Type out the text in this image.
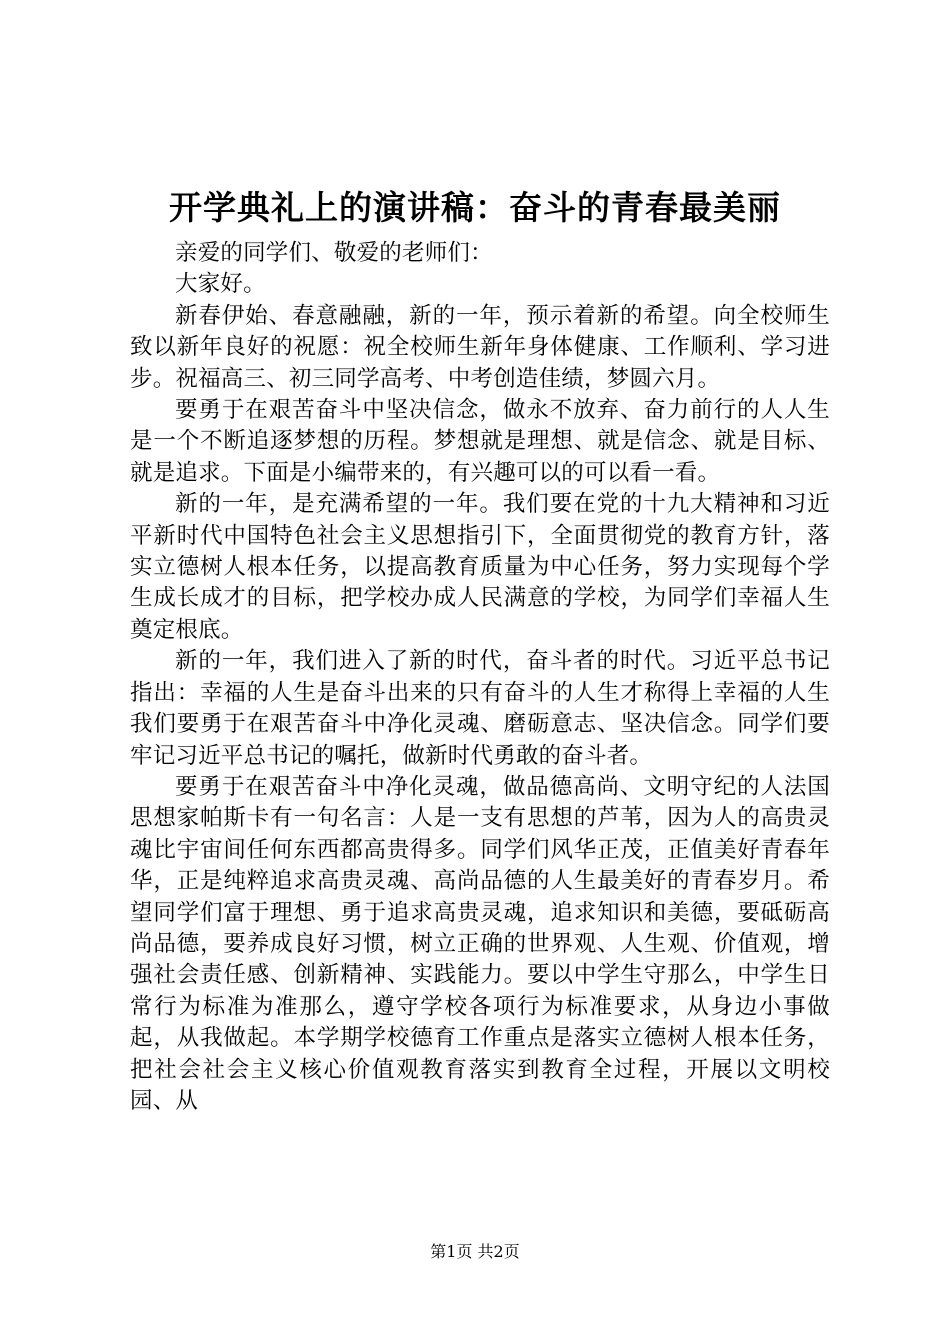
开学典礼上的演讲稿：奋斗的青春最美丽

亲爱的同学们、敬爱的老师们：

大家好。

新春伊始、春意融融，新的一年，预示着新的希望。向全校师生致以新年良好的祝愿：祝全校师生新年身体健康、工作顺利、学习进步。祝福高三、初三同学高考、中考创造佳绩，梦圆六月。

要勇于在艰苦奋斗中坚决信念，做永不放弃、奋力前行的人人生是一个不断追逐梦想的历程。梦想就是理想、就是信念、就是目标、就是追求。下面是小编带来的，有兴趣可以的可以看一看。

新的一年，是充满希望的一年。我们要在党的十九大精神和习近平新时代中国特色社会主义思想指引下，全面贯彻党的教育方针，落实立德树人根本任务，以提高教育质量为中心任务，努力实现每个学生成长成才的目标，把学校办成人民满意的学校，为同学们幸福人生奠定根底。

新的一年，我们进入了新的时代，奋斗者的时代。习近平总书记指出：幸福的人生是奋斗出来的只有奋斗的人生才称得上幸福的人生我们要勇于在艰苦奋斗中净化灵魂、磨砺意志、坚决信念。同学们要牢记习近平总书记的嘱托，做新时代勇敢的奋斗者。

要勇于在艰苦奋斗中净化灵魂，做品德高尚、文明守纪的人法国思想家帕斯卡有一句名言：人是一支有思想的芦苇，因为人的高贵灵魂比宇宙间任何东西都高贵得多。同学们风华正茂，正值美好青春年华，正是纯粹追求高贵灵魂、高尚品德的人生最美好的青春岁月。希望同学们富于理想、勇于追求高贵灵魂，追求知识和美德，要砥砺高尚品德，要养成良好习惯，树立正确的世界观、人生观、价值观，增强社会责任感、创新精神、实践能力。要以中学生守那么，中学生日常行为标准为准那么，遵守学校各项行为标准要求，从身边小事做起，从我做起。本学期学校德育工作重点是落实立德树人根本任务，把社会社会主义核心价值观教育落实到教育全过程，开展以文明校园、从

第1页 共2页
